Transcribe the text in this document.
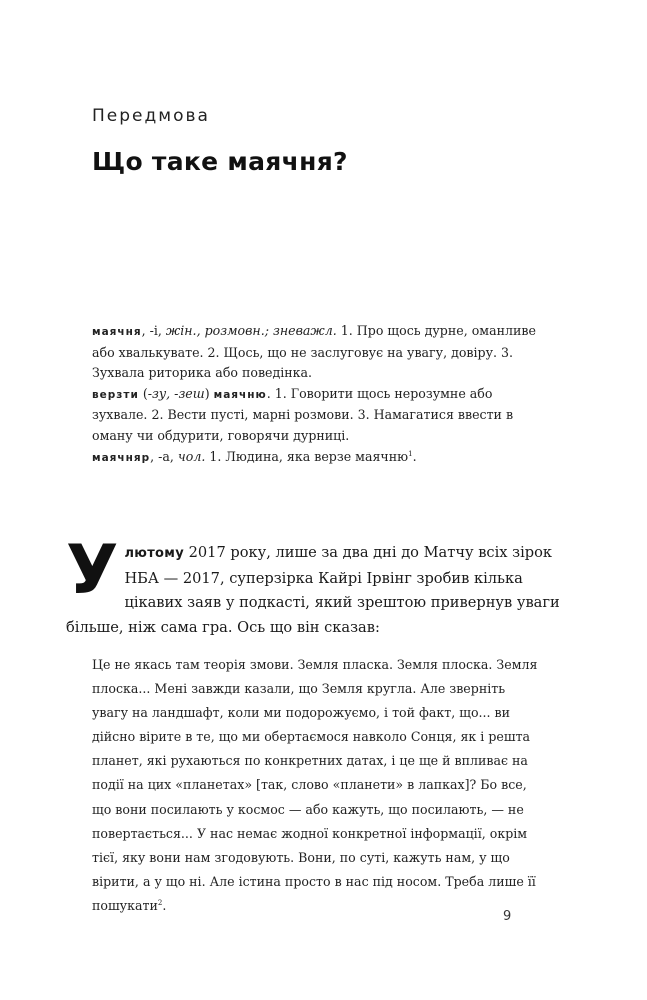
Передмова
Що таке маячня?

маячня, -і, жін., розмовн.; зневажл. 1. Про щось дурне, оманливе або хвалькувате. 2. Щось, що не заслуговує на увагу, довіру. 3. Зухвала риторика або поведінка.

верзти (-зу, -зеш) маячню. 1. Говорити щось нерозумне або зухвале. 2. Вести пусті, марні розмови. 3. Намагатися ввести в оману чи обдурити, говорячи дурниці.

маячняр, -а, чол. 1. Людина, яка верзе маячню$^1$.

Улютому 2017 року, лише за два дні до Матчу всіх зірок НБА — 2017, суперзірка Кайрі Ірвінг зробив кілька цікавих заяв у подкасті, який зрештою привернув уваги більше, ніж сама гра. Ось що він сказав:

Це не якась там теорія змови. Земля пласка. Земля плоска. Земля плоска... Мені завжди казали, що Земля кругла. Але зверніть увагу на ландшафт, коли ми подорожуємо, і той факт, що... ви дійсно вірите в те, що ми обертаємося навколо Сонця, як і решта планет, які рухаються по конкретних датах, і це ще й впливає на події на цих «планетах» [так, слово «планети» в лапках]? Бо все, що вони посилають у космос — або кажуть, що посилають, — не повертається... У нас немає жодної конкретної інформації, окрім тієї, яку вони нам згодовують. Вони, по суті, кажуть нам, у що вірити, а у що ні. Але істина просто в нас під носом. Треба лише її пошукати$^2$.

9
